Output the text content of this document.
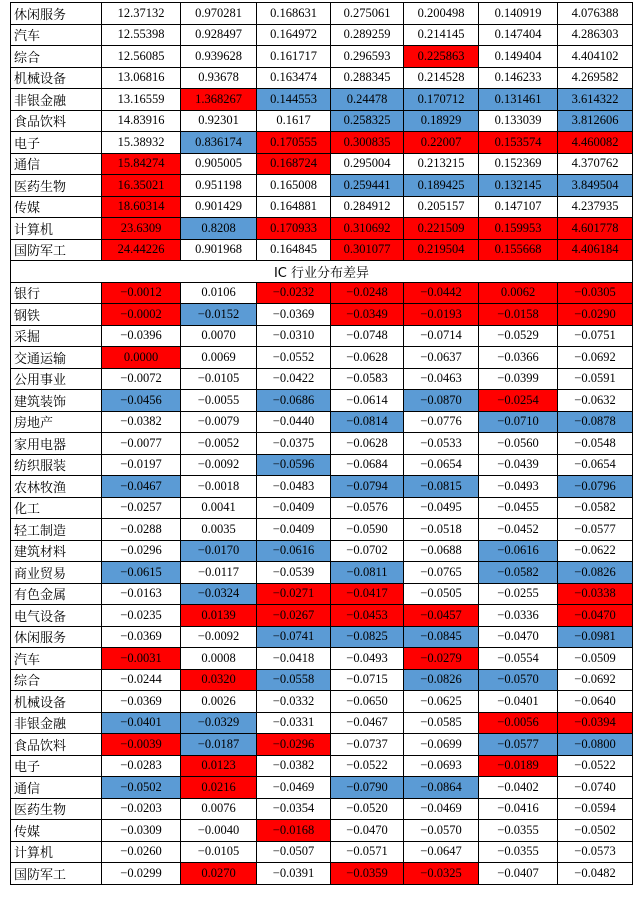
休闲服务	12.37132	0.970281	0.168631	0.275061	0.200498	0.140919	4.076388
汽车	12.55398	0.928497	0.164972	0.289259	0.214145	0.147404	4.286303
综合	12.56085	0.939628	0.161717	0.296593	0.225863	0.149404	4.404102
机械设备	13.06816	0.93678	0.163474	0.288345	0.214528	0.146233	4.269582
非银金融	13.16559	1.368267	0.144553	0.24478	0.170712	0.131461	3.614322
食品饮料	14.83916	0.92301	0.1617	0.258325	0.18929	0.133039	3.812606
电子	15.38932	0.836174	0.170555	0.300835	0.22007	0.153574	4.460082
通信	15.84274	0.905005	0.168724	0.295004	0.213215	0.152369	4.370762
医药生物	16.35021	0.951198	0.165008	0.259441	0.189425	0.132145	3.849504
传媒	18.60314	0.901429	0.164881	0.284912	0.205157	0.147107	4.237935
计算机	23.6309	0.8208	0.170933	0.310692	0.221509	0.159953	4.601778
国防军工	24.44226	0.901968	0.164845	0.301077	0.219504	0.155668	4.406184
IC 行业分布差异							
银行	−0.0012	0.0106	−0.0232	−0.0248	−0.0442	0.0062	−0.0305
钢铁	−0.0002	−0.0152	−0.0369	−0.0349	−0.0193	−0.0158	−0.0290
采掘	−0.0396	0.0070	−0.0310	−0.0748	−0.0714	−0.0529	−0.0751
交通运输	0.0000	0.0069	−0.0552	−0.0628	−0.0637	−0.0366	−0.0692
公用事业	−0.0072	−0.0105	−0.0422	−0.0583	−0.0463	−0.0399	−0.0591
建筑装饰	−0.0456	−0.0055	−0.0686	−0.0614	−0.0870	−0.0254	−0.0632
房地产	−0.0382	−0.0079	−0.0440	−0.0814	−0.0776	−0.0710	−0.0878
家用电器	−0.0077	−0.0052	−0.0375	−0.0628	−0.0533	−0.0560	−0.0548
纺织服装	−0.0197	−0.0092	−0.0596	−0.0684	−0.0654	−0.0439	−0.0654
农林牧渔	−0.0467	−0.0018	−0.0483	−0.0794	−0.0815	−0.0493	−0.0796
化工	−0.0257	0.0041	−0.0409	−0.0576	−0.0495	−0.0455	−0.0582
轻工制造	−0.0288	0.0035	−0.0409	−0.0590	−0.0518	−0.0452	−0.0577
建筑材料	−0.0296	−0.0170	−0.0616	−0.0702	−0.0688	−0.0616	−0.0622
商业贸易	−0.0615	−0.0117	−0.0539	−0.0811	−0.0765	−0.0582	−0.0826
有色金属	−0.0163	−0.0324	−0.0271	−0.0417	−0.0505	−0.0255	−0.0338
电气设备	−0.0235	0.0139	−0.0267	−0.0453	−0.0457	−0.0336	−0.0470
休闲服务	−0.0369	−0.0092	−0.0741	−0.0825	−0.0845	−0.0470	−0.0981
汽车	−0.0031	0.0008	−0.0418	−0.0493	−0.0279	−0.0554	−0.0509
综合	−0.0244	0.0320	−0.0558	−0.0715	−0.0826	−0.0570	−0.0692
机械设备	−0.0369	0.0026	−0.0332	−0.0650	−0.0625	−0.0401	−0.0640
非银金融	−0.0401	−0.0329	−0.0331	−0.0467	−0.0585	−0.0056	−0.0394
食品饮料	−0.0039	−0.0187	−0.0296	−0.0737	−0.0699	−0.0577	−0.0800
电子	−0.0283	0.0123	−0.0382	−0.0522	−0.0693	−0.0189	−0.0522
通信	−0.0502	0.0216	−0.0469	−0.0790	−0.0864	−0.0402	−0.0740
医药生物	−0.0203	0.0076	−0.0354	−0.0520	−0.0469	−0.0416	−0.0594
传媒	−0.0309	−0.0040	−0.0168	−0.0470	−0.0570	−0.0355	−0.0502
计算机	−0.0260	−0.0105	−0.0507	−0.0571	−0.0647	−0.0355	−0.0573
国防军工	−0.0299	0.0270	−0.0391	−0.0359	−0.0325	−0.0407	−0.0482
